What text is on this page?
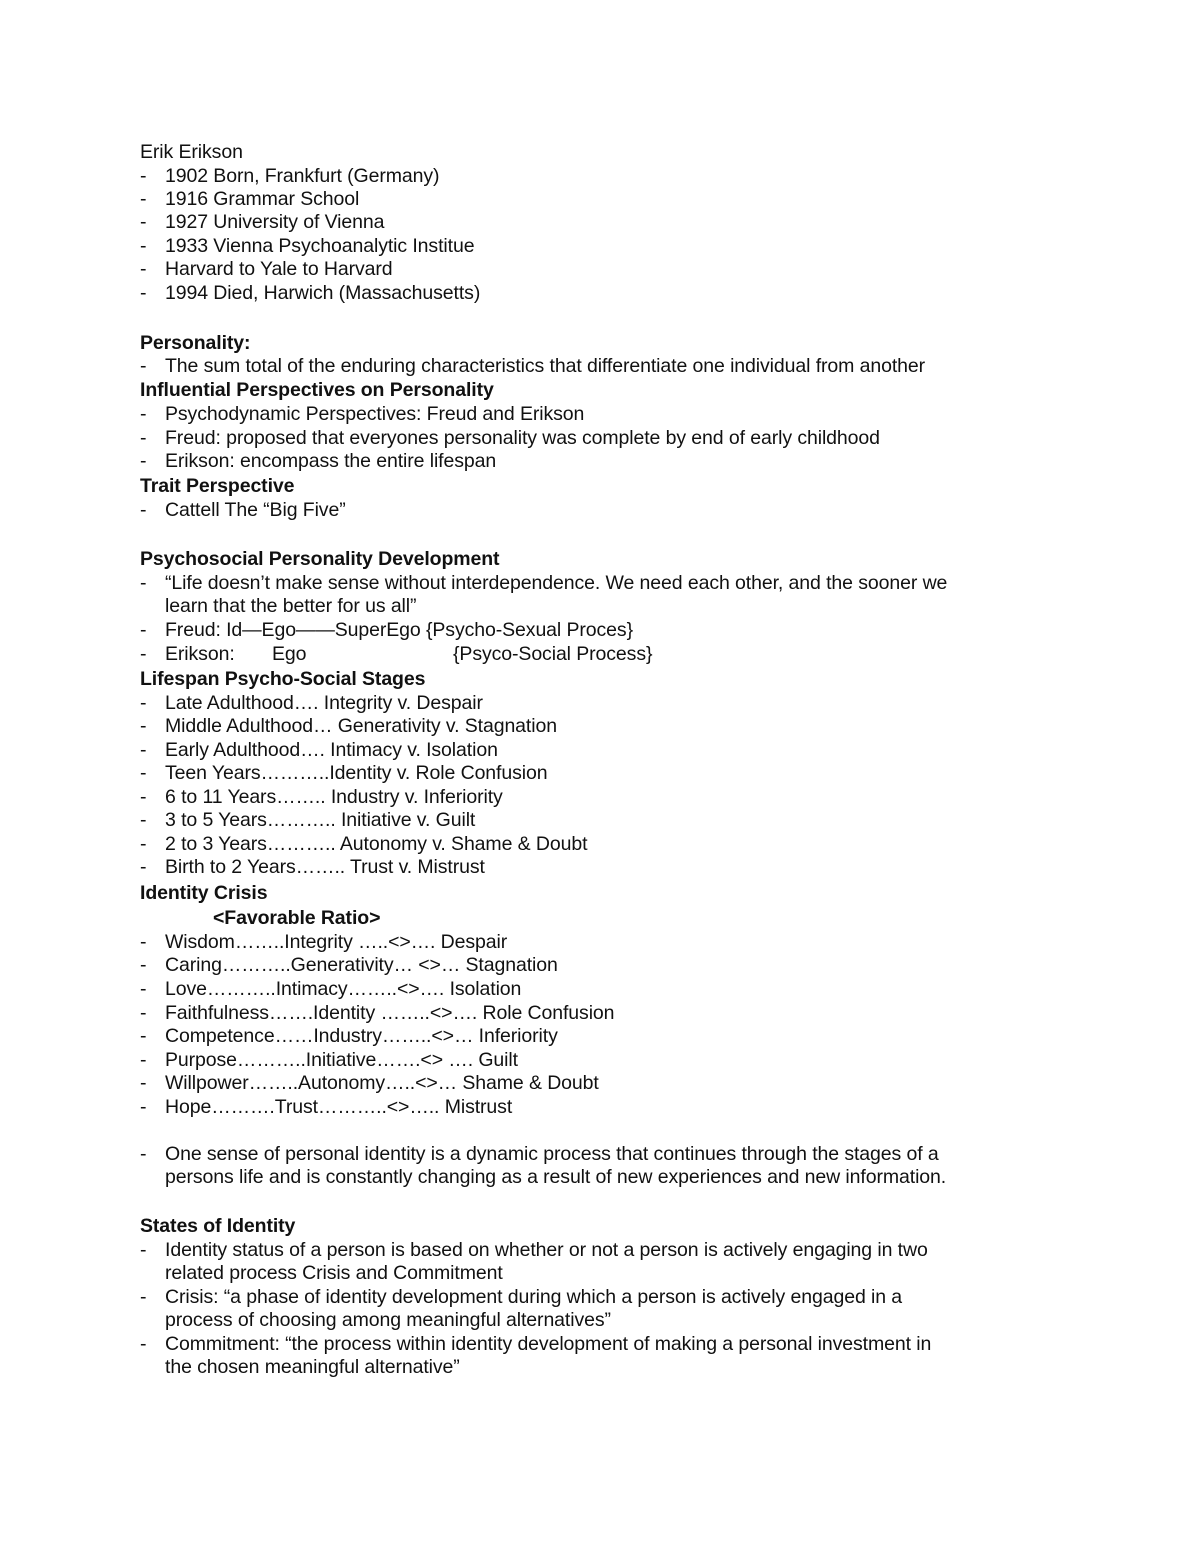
Erik Erikson
- 1902 Born, Frankfurt (Germany)
- 1916 Grammar School
- 1927 University of Vienna
- 1933 Vienna Psychoanalytic Institue
- Harvard to Yale to Harvard
- 1994 Died, Harwich (Massachusetts)
Personality:
- The sum total of the enduring characteristics that differentiate one individual from another
Influential Perspectives on Personality
- Psychodynamic Perspectives: Freud and Erikson
- Freud: proposed that everyones personality was complete by end of early childhood
- Erikson: encompass the entire lifespan
Trait Perspective
- Cattell The “Big Five”
Psychosocial Personality Development
- “Life doesn’t make sense without interdependence. We need each other, and the sooner we
learn that the better for us all”
- Freud: Id—Ego——SuperEgo {Psycho-Sexual Proces}
- Erikson: Ego	{Psyco-Social Process}
Lifespan Psycho-Social Stages
- Late Adulthood…. Integrity v. Despair
- Middle Adulthood… Generativity v. Stagnation
- Early Adulthood…. Intimacy v. Isolation
- Teen Years………..Identity v. Role Confusion
- 6 to 11 Years…….. Industry v. Inferiority
- 3 to 5 Years……….. Initiative v. Guilt
- 2 to 3 Years……….. Autonomy v. Shame & Doubt
- Birth to 2 Years…….. Trust v. Mistrust
Identity Crisis
<Favorable Ratio>
- Wisdom……..Integrity …..<>…. Despair
- Caring………..Generativity… <>… Stagnation
- Love………..Intimacy……..<>…. Isolation
- Faithfulness…….Identity ……..<>…. Role Confusion
- Competence……Industry……..<>… Inferiority
- Purpose………..Initiative…….<> …. Guilt
- Willpower……..Autonomy…..<>… Shame & Doubt
- Hope……….Trust………..<>….. Mistrust
- One sense of personal identity is a dynamic process that continues through the stages of a
persons life and is constantly changing as a result of new experiences and new information.
States of Identity
- Identity status of a person is based on whether or not a person is actively engaging in two
related process Crisis and Commitment
- Crisis: “a phase of identity development during which a person is actively engaged in a
process of choosing among meaningful alternatives”
- Commitment: “the process within identity development of making a personal investment in
the chosen meaningful alternative”
